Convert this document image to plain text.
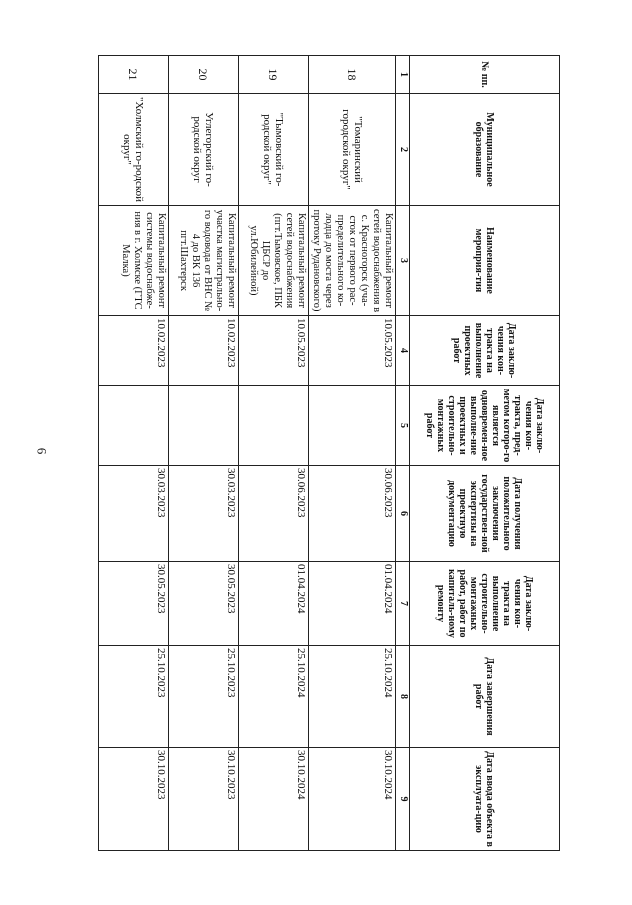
6
№ пп.	Муниципальное образование	Наименование мероприя-тия	Дата заклю-чения кон-тракта на выполнение проектных работ	Дата заклю-чения кон-тракта, пред-метом которо-го является одновремен-ное выполне-ние проектных и строительно-монтажных работ	Дата получения положительного заключения государствен-ной экспертизы на проектную документацию	Дата заклю-чения кон-тракта на выполнение строительно-монтажных работ, работ по капиталь-ному ремонту	Дата завершения работ	Дата ввода объекта в эксплуата-цию
1	2	3	4	5	6	7	8	9
18	"Томаринский городской округ"	Капитальный ремонт сетей водоснабжения в с. Красногорск (уча-сток от первого рас-пределительного ко-лодца до моста через протоку Рудановского)	10.05.2023		30.06.2023	01.04.2024	25.10.2024	30.10.2024
19	"Тымовский го-родской округ"	Капитальный ремонт сетей водоснабжения (пгт.Тымовское, ПБК ЦБСР до ул.Юбилейной)	10.05.2023		30.06.2023	01.04.2024	25.10.2024	30.10.2024
20	Углегорский го-родской округ	Капитальный ремонт участка магистрально-го водовода от ВНС № 4 до ВК 136 пгт.Шахтерск	10.02.2023		30.03.2023	30.05.2023	25.10.2023	30.10.2023
21	"Холмский го-родской округ"	Капитальный ремонт системы водоснабже-ния в г. Холмске (ГТС Малка)	10.02.2023		30.03.2023	30.05.2023	25.10.2023	30.10.2023
